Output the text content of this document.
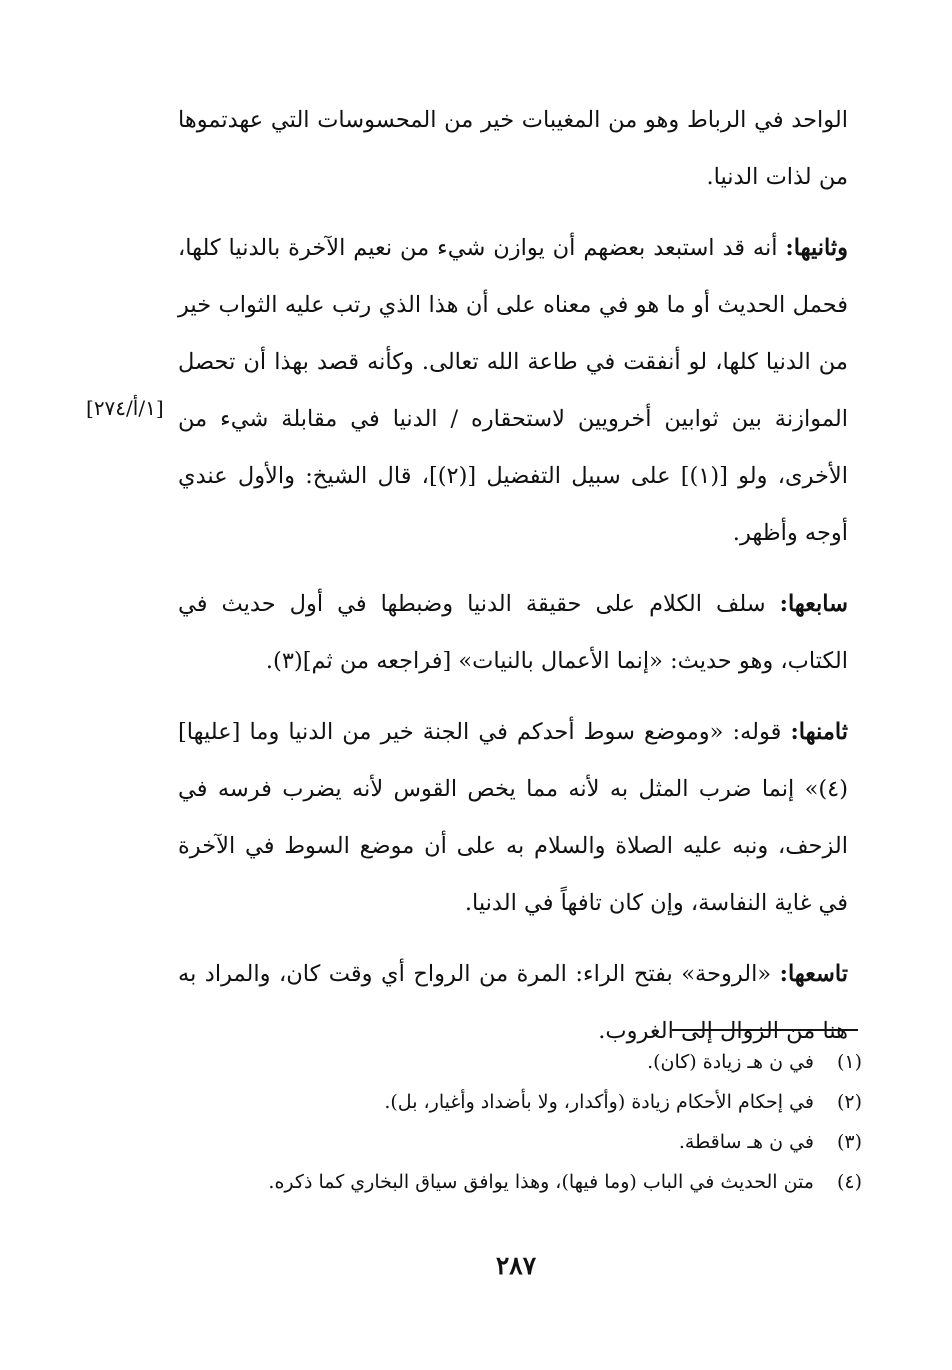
الواحد في الرباط وهو من المغيبات خير من المحسوسات التي عهدتموها من لذات الدنيا.

وثانيها: أنه قد استبعد بعضهم أن يوازن شيء من نعيم الآخرة بالدنيا كلها، فحمل الحديث أو ما هو في معناه على أن هذا الذي رتب عليه الثواب خير من الدنيا كلها، لو أنفقت في طاعة الله تعالى. وكأنه قصد بهذا أن تحصل الموازنة بين ثوابين أخرويين لاستحقاره / الدنيا في مقابلة شيء من الأخرى، ولو [(١)] على سبيل التفضيل [(٢)]، قال الشيخ: والأول عندي أوجه وأظهر.

سابعها: سلف الكلام على حقيقة الدنيا وضبطها في أول حديث في الكتاب، وهو حديث: «إنما الأعمال بالنيات» [فراجعه من ثم](٣).

ثامنها: قوله: «وموضع سوط أحدكم في الجنة خير من الدنيا وما [عليها](٤)» إنما ضرب المثل به لأنه مما يخص القوس لأنه يضرب فرسه في الزحف، ونبه عليه الصلاة والسلام به على أن موضع السوط في الآخرة في غاية النفاسة، وإن كان تافهاً في الدنيا.

تاسعها: «الروحة» بفتح الراء: المرة من الرواح أي وقت كان، والمراد به هنا من الزوال إلى الغروب.

[١/أ/٢٧٤]
(١)
في ن هـ زيادة (كان).
(٢)
في إحكام الأحكام زيادة (وأكدار، ولا بأضداد وأغيار، بل).
(٣)
في ن هـ ساقطة.
(٤)
متن الحديث في الباب (وما فيها)، وهذا يوافق سياق البخاري كما ذكره.
٢٨٧
